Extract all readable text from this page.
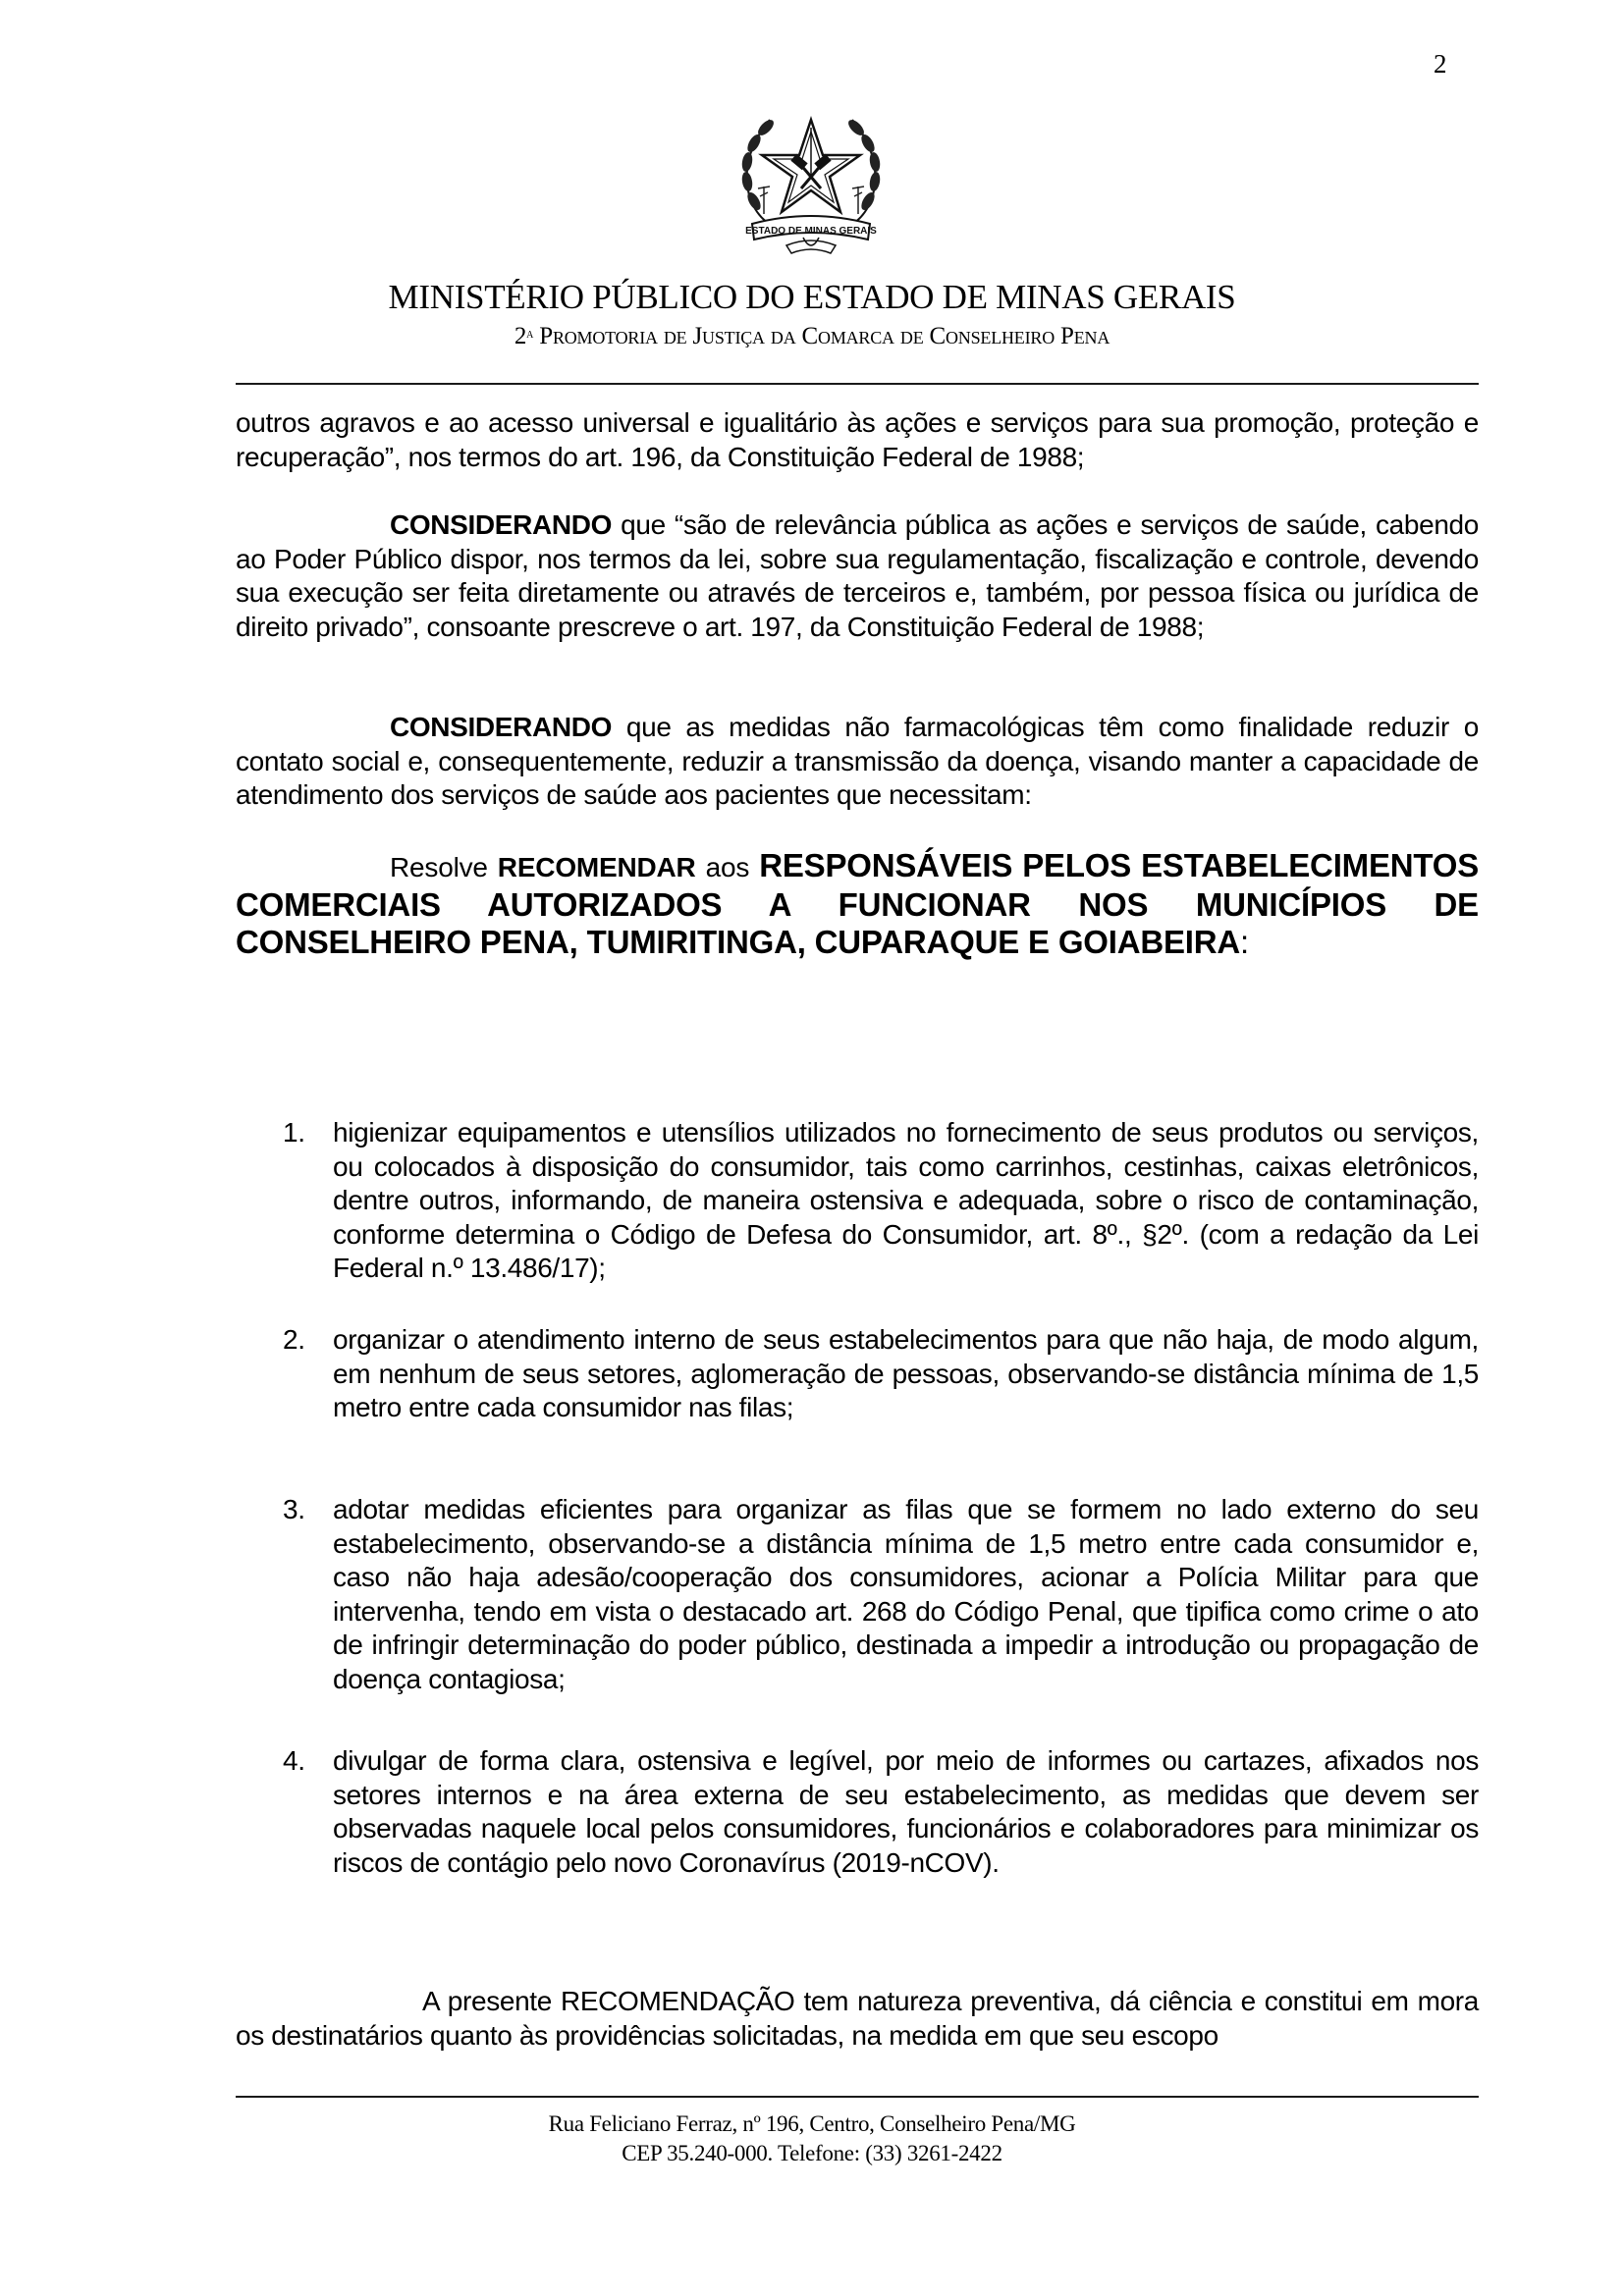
2
ESTADO DE MINAS GERAIS
MINISTÉRIO PÚBLICO DO ESTADO DE MINAS GERAIS
2$^a$ Promotoria de Justiça da Comarca de Conselheiro Pena

outros agravos e ao acesso universal e igualitário às ações e serviços para sua promoção, proteção e recuperação”, nos termos do art. 196, da Constituição Federal de 1988;

CONSIDERANDO que “são de relevância pública as ações e serviços de saúde, cabendo ao Poder Público dispor, nos termos da lei, sobre sua regulamentação, fiscalização e controle, devendo sua execução ser feita diretamente ou através de terceiros e, também, por pessoa física ou jurídica de direito privado”, consoante prescreve o art. 197, da Constituição Federal de 1988;

CONSIDERANDO que as medidas não farmacológicas têm como finalidade reduzir o contato social e, consequentemente, reduzir a transmissão da doença, visando manter a capacidade de atendimento dos serviços de saúde aos pacientes que necessitam:

Resolve RECOMENDAR aos RESPONSÁVEIS PELOS ESTABELECIMENTOS COMERCIAIS AUTORIZADOS A FUNCIONAR NOS MUNICÍPIOS DE CONSELHEIRO PENA, TUMIRITINGA, CUPARAQUE E GOIABEIRA:

1.	higienizar equipamentos e utensílios utilizados no fornecimento de seus produtos ou serviços, ou colocados à disposição do consumidor, tais como carrinhos, cestinhas, caixas eletrônicos, dentre outros, informando, de maneira ostensiva e adequada, sobre o risco de contaminação, conforme determina o Código de Defesa do Consumidor, art. 8º., §2º. (com a redação da Lei Federal n.º 13.486/17);
2.	organizar o atendimento interno de seus estabelecimentos para que não haja, de modo algum, em nenhum de seus setores, aglomeração de pessoas, observando-se distância mínima de 1,5 metro entre cada consumidor nas filas;
3.	adotar medidas eficientes para organizar as filas que se formem no lado externo do seu estabelecimento, observando-se a distância mínima de 1,5 metro entre cada consumidor e, caso não haja adesão/cooperação dos consumidores, acionar a Polícia Militar para que intervenha, tendo em vista o destacado art. 268 do Código Penal, que tipifica como crime o ato de infringir determinação do poder público, destinada a impedir a introdução ou propagação de doença contagiosa;
4.	divulgar de forma clara, ostensiva e legível, por meio de informes ou cartazes, afixados nos setores internos e na área externa de seu estabelecimento, as medidas que devem ser observadas naquele local pelos consumidores, funcionários e colaboradores para minimizar os riscos de contágio pelo novo Coronavírus (2019-nCOV).

A presente RECOMENDAÇÃO tem natureza preventiva, dá ciência e constitui em mora os destinatários quanto às providências solicitadas, na medida em que seu escopo

Rua Feliciano Ferraz, nº 196, Centro, Conselheiro Pena/MG
CEP 35.240-000. Telefone: (33) 3261-2422
